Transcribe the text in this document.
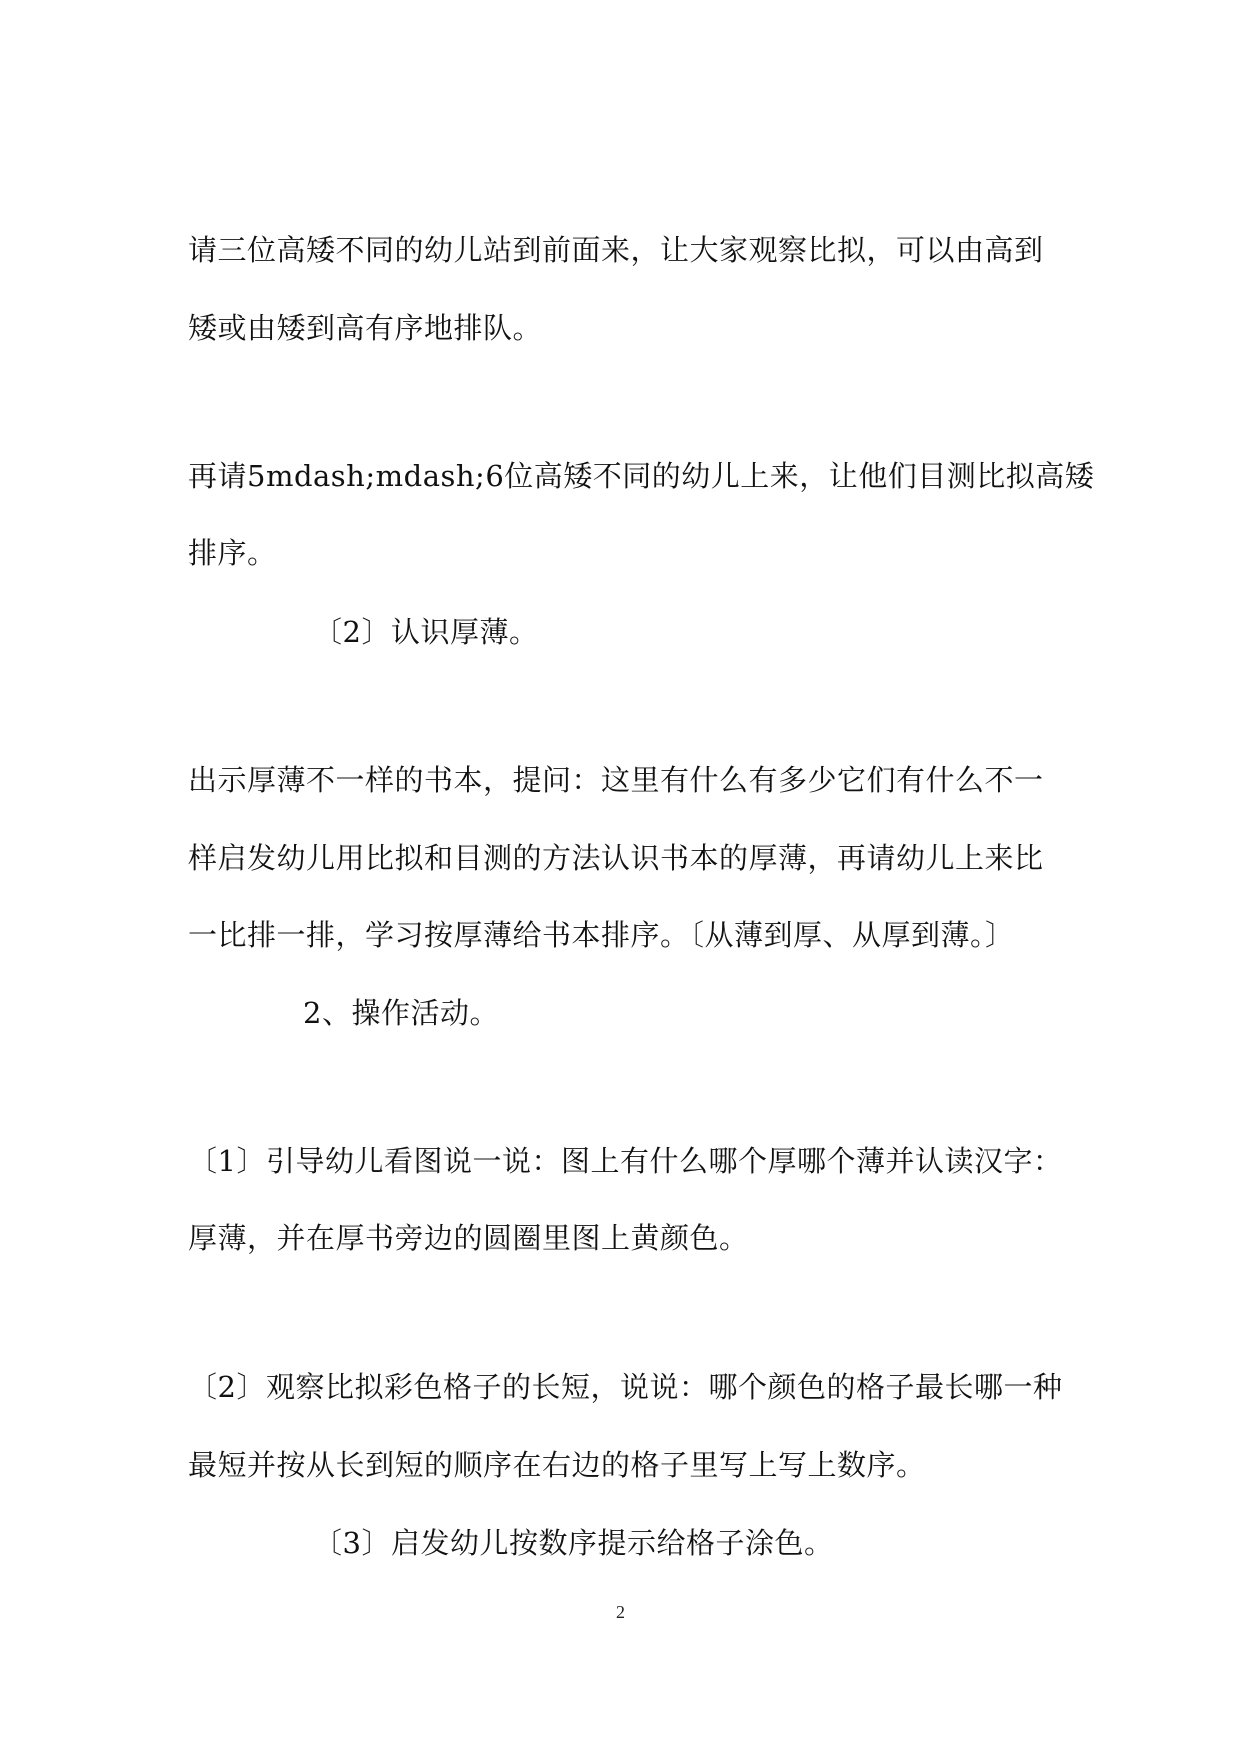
请三位高矮不同的幼儿站到前面来，让大家观察比拟，可以由高到
矮或由矮到高有序地排队。
再请5mdash;mdash;6位高矮不同的幼儿上来，让他们目测比拟高矮
排序。
〔2〕认识厚薄。
出示厚薄不一样的书本，提问：这里有什么有多少它们有什么不一
样启发幼儿用比拟和目测的方法认识书本的厚薄，再请幼儿上来比
一比排一排，学习按厚薄给书本排序。〔从薄到厚、从厚到薄。〕
2、操作活动。
〔1〕引导幼儿看图说一说：图上有什么哪个厚哪个薄并认读汉字：
厚薄，并在厚书旁边的圆圈里图上黄颜色。
〔2〕观察比拟彩色格子的长短，说说：哪个颜色的格子最长哪一种
最短并按从长到短的顺序在右边的格子里写上写上数序。
〔3〕启发幼儿按数序提示给格子涂色。
2
